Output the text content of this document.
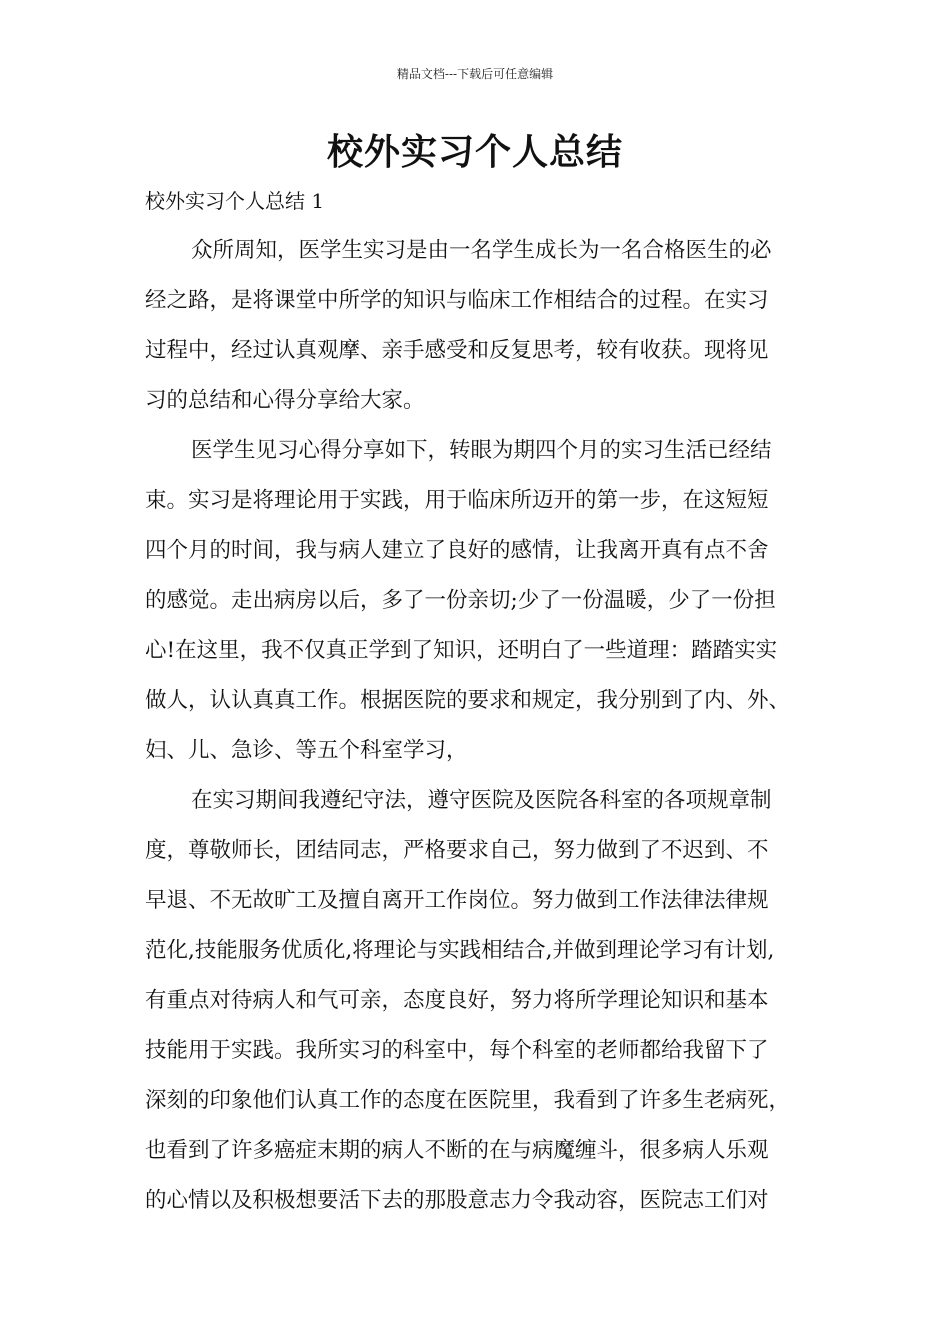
精品文档---下载后可任意编辑
校外实习个人总结

校外实习个人总结 1

众所周知，医学生实习是由一名学生成长为一名合格医生的必
经之路，是将课堂中所学的知识与临床工作相结合的过程。在实习
过程中，经过认真观摩、亲手感受和反复思考，较有收获。现将见
习的总结和心得分享给大家。
医学生见习心得分享如下，转眼为期四个月的实习生活已经结
束。实习是将理论用于实践，用于临床所迈开的第一步，在这短短
四个月的时间，我与病人建立了良好的感情，让我离开真有点不舍
的感觉。走出病房以后，多了一份亲切;少了一份温暖，少了一份担
心!在这里，我不仅真正学到了知识，还明白了一些道理：踏踏实实
做人，认认真真工作。根据医院的要求和规定，我分别到了内、外、
妇、儿、急诊、等五个科室学习，
在实习期间我遵纪守法，遵守医院及医院各科室的各项规章制
度，尊敬师长，团结同志，严格要求自己，努力做到了不迟到、不
早退、不无故旷工及擅自离开工作岗位。努力做到工作法律法律规
范化,技能服务优质化,将理论与实践相结合,并做到理论学习有计划,
有重点对待病人和气可亲，态度良好，努力将所学理论知识和基本
技能用于实践。我所实习的科室中，每个科室的老师都给我留下了
深刻的印象他们认真工作的态度在医院里，我看到了许多生老病死，
也看到了许多癌症末期的病人不断的在与病魔缠斗，很多病人乐观
的心情以及积极想要活下去的那股意志力令我动容，医院志工们对
